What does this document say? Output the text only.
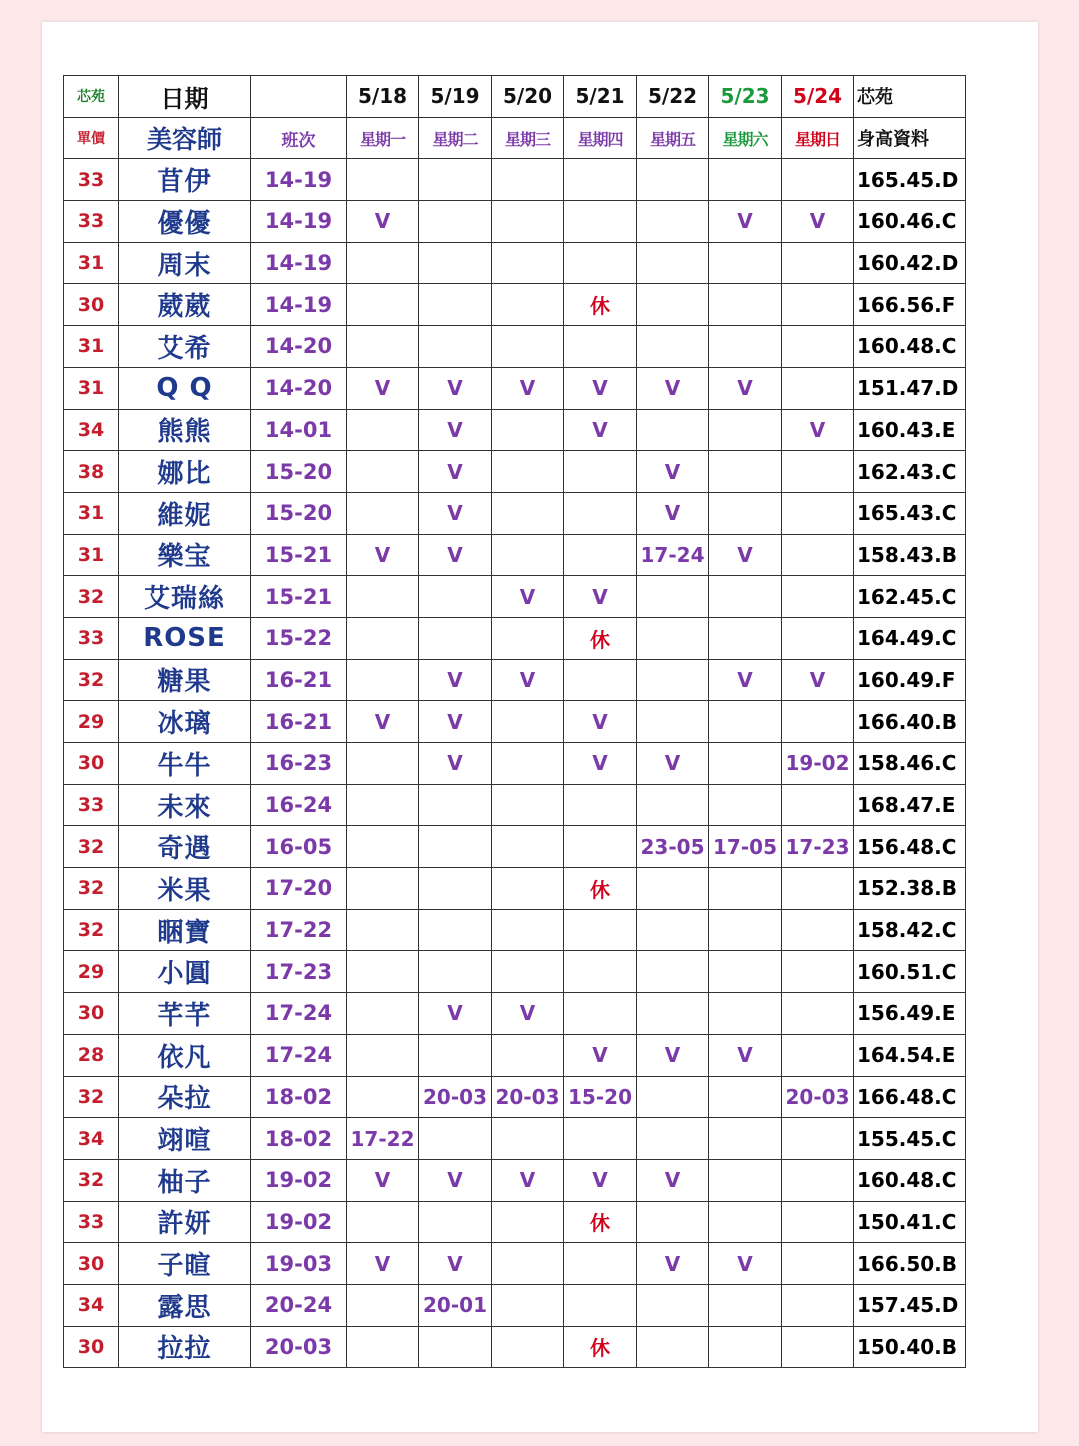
芯苑	日期		5/18	5/19	5/20	5/21	5/22	5/23	5/24	芯苑
單價	美容師	班次	星期一	星期二	星期三	星期四	星期五	星期六	星期日	身高資料
33	苜伊	14-19								165.45.D
33	優優	14-19	V					V	V	160.46.C
31	周末	14-19								160.42.D
30	葳葳	14-19				休				166.56.F
31	艾希	14-20								160.48.C
31	Q Q	14-20	V	V	V	V	V	V		151.47.D
34	熊熊	14-01		V		V			V	160.43.E
38	娜比	15-20		V			V			162.43.C
31	維妮	15-20		V			V			165.43.C
31	樂宝	15-21	V	V			17-24	V		158.43.B
32	艾瑞絲	15-21			V	V				162.45.C
33	ROSE	15-22				休				164.49.C
32	糖果	16-21		V	V			V	V	160.49.F
29	冰璃	16-21	V	V		V				166.40.B
30	牛牛	16-23		V		V	V		19-02	158.46.C
33	未來	16-24								168.47.E
32	奇遇	16-05					23-05	17-05	17-23	156.48.C
32	米果	17-20				休				152.38.B
32	睏寶	17-22								158.42.C
29	小圓	17-23								160.51.C
30	芊芊	17-24		V	V					156.49.E
28	依凡	17-24				V	V	V		164.54.E
32	朵拉	18-02		20-03	20-03	15-20			20-03	166.48.C
34	翊喧	18-02	17-22							155.45.C
32	柚子	19-02	V	V	V	V	V			160.48.C
33	許妍	19-02				休				150.41.C
30	子暄	19-03	V	V			V	V		166.50.B
34	露思	20-24		20-01						157.45.D
30	拉拉	20-03				休				150.40.B
